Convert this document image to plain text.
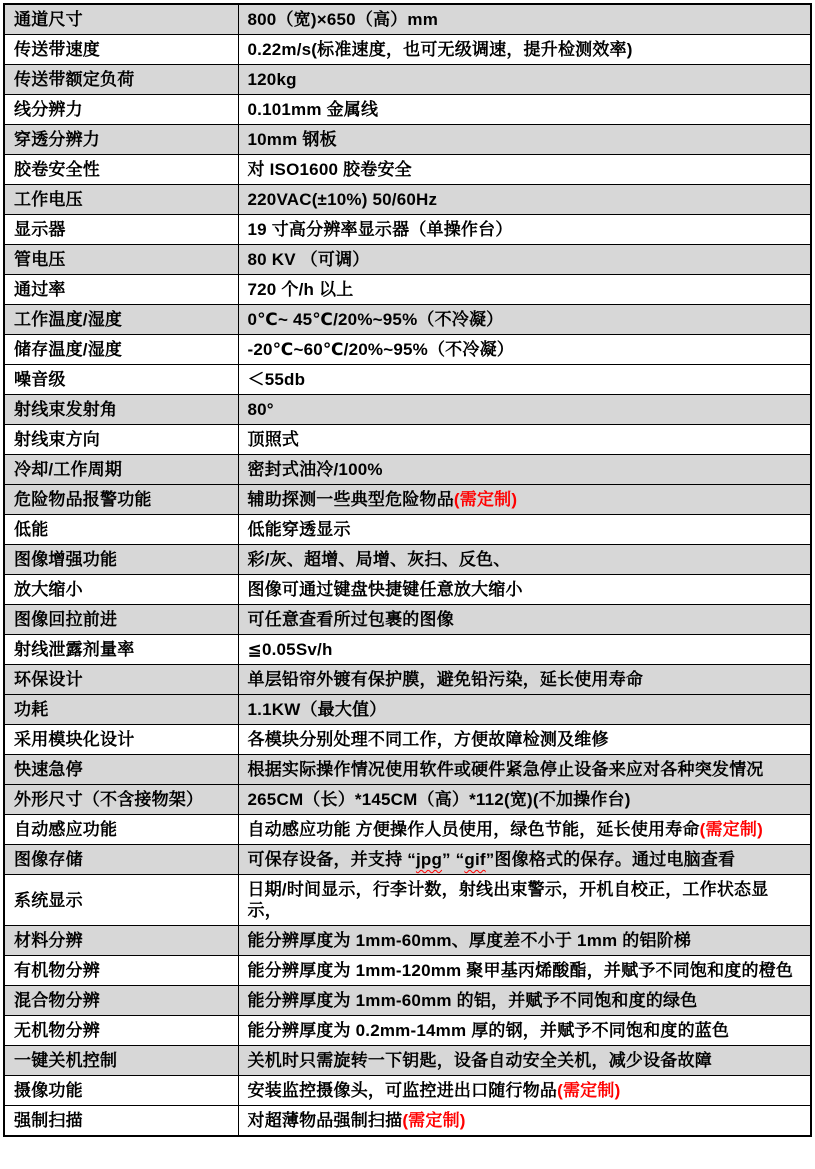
通道尺寸	800（宽)×650（高）mm
传送带速度	0.22m/s(标准速度，也可无级调速，提升检测效率)
传送带额定负荷	120kg
线分辨力	0.101mm 金属线
穿透分辨力	10mm 钢板
胶卷安全性	对 ISO1600 胶卷安全
工作电压	220VAC(±10%) 50/60Hz
显示器	19 寸高分辨率显示器（单操作台）
管电压	80 KV （可调）
通过率	720 个/h 以上
工作温度/湿度	0℃~ 45℃/20%~95%（不冷凝）
储存温度/湿度	-20℃~60℃/20%~95%（不冷凝）
噪音级	＜55db
射线束发射角	80°
射线束方向	顶照式
冷却/工作周期	密封式油冷/100%
危险物品报警功能	辅助探测一些典型危险物品(需定制)
低能	低能穿透显示
图像增强功能	彩/灰、超增、局增、灰扫、反色、
放大缩小	图像可通过键盘快捷键任意放大缩小
图像回拉前进	可任意查看所过包裹的图像
射线泄露剂量率	≦0.05Sv/h
环保设计	单层铅帘外镀有保护膜，避免铅污染，延长使用寿命
功耗	1.1KW（最大值）
采用模块化设计	各模块分别处理不同工作，方便故障检测及维修
快速急停	根据实际操作情况使用软件或硬件紧急停止设备来应对各种突发情况
外形尺寸（不含接物架）	265CM（长）*145CM（高）*112(宽)(不加操作台)
自动感应功能	自动感应功能 方便操作人员使用，绿色节能，延长使用寿命(需定制)
图像存储	可保存设备，并支持 “jpg” “gif”图像格式的保存。通过电脑查看
系统显示	日期/时间显示，行李计数，射线出束警示，开机自校正，工作状态显
示，
材料分辨	能分辨厚度为 1mm-60mm、厚度差不小于 1mm 的铝阶梯
有机物分辨	能分辨厚度为 1mm-120mm 聚甲基丙烯酸酯，并赋予不同饱和度的橙色
混合物分辨	能分辨厚度为 1mm-60mm 的铝，并赋予不同饱和度的绿色
无机物分辨	能分辨厚度为 0.2mm-14mm 厚的钢，并赋予不同饱和度的蓝色
一键关机控制	关机时只需旋转一下钥匙，设备自动安全关机，减少设备故障
摄像功能	安装监控摄像头，可监控进出口随行物品(需定制)
强制扫描	对超薄物品强制扫描(需定制)
